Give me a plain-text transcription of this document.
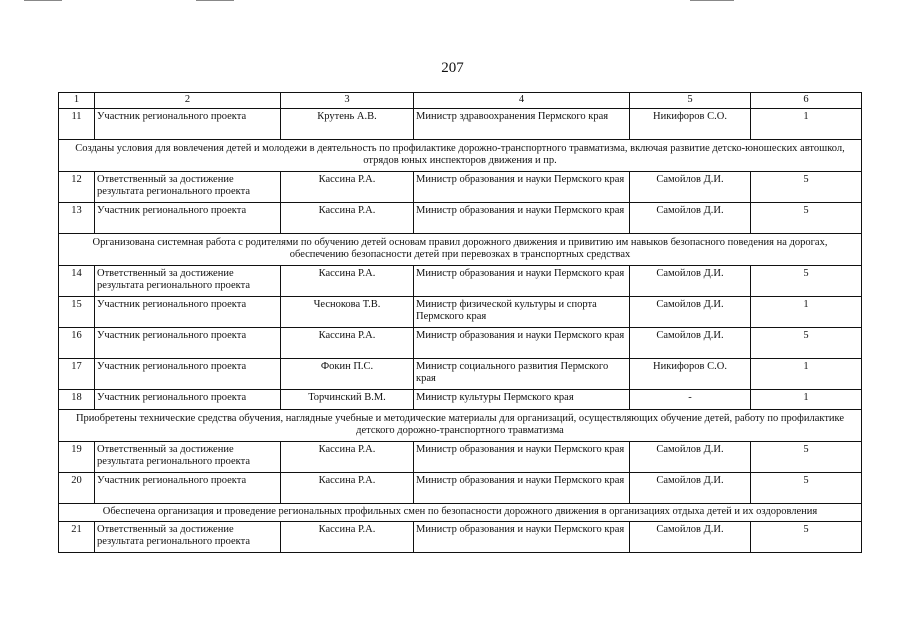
207
1	2	3	4	5	6
11	Участник регионального проекта	Крутень А.В.	Министр здравоохранения Пермского края	Никифоров С.О.	1
Созданы условия для вовлечения детей и молодежи в деятельность по профилактике дорожно-транспортного травматизма, включая развитие детско-юношеских автошкол, отрядов юных инспекторов движения и пр.					
12	Ответственный за достижение результата регионального проекта	Кассина Р.А.	Министр образования и науки Пермского края	Самойлов Д.И.	5
13	Участник регионального проекта	Кассина Р.А.	Министр образования и науки Пермского края	Самойлов Д.И.	5
Организована системная работа с родителями по обучению детей основам правил дорожного движения и привитию им навыков безопасного поведения на дорогах, обеспечению безопасности детей при перевозках в транспортных средствах					
14	Ответственный за достижение результата регионального проекта	Кассина Р.А.	Министр образования и науки Пермского края	Самойлов Д.И.	5
15	Участник регионального проекта	Чеснокова Т.В.	Министр физической культуры и спорта Пермского края	Самойлов Д.И.	1
16	Участник регионального проекта	Кассина Р.А.	Министр образования и науки Пермского края	Самойлов Д.И.	5
17	Участник регионального проекта	Фокин П.С.	Министр социального развития Пермского края	Никифоров С.О.	1
18	Участник регионального проекта	Торчинский В.М.	Министр культуры Пермского края	-	1
Приобретены технические средства обучения, наглядные учебные и методические материалы для организаций, осуществляющих обучение детей, работу по профилактике детского дорожно-транспортного травматизма					
19	Ответственный за достижение результата регионального проекта	Кассина Р.А.	Министр образования и науки Пермского края	Самойлов Д.И.	5
20	Участник регионального проекта	Кассина Р.А.	Министр образования и науки Пермского края	Самойлов Д.И.	5
Обеспечена организация и проведение региональных профильных смен по безопасности дорожного движения в организациях отдыха детей и их оздоровления					
21	Ответственный за достижение результата регионального проекта	Кассина Р.А.	Министр образования и науки Пермского края	Самойлов Д.И.	5
